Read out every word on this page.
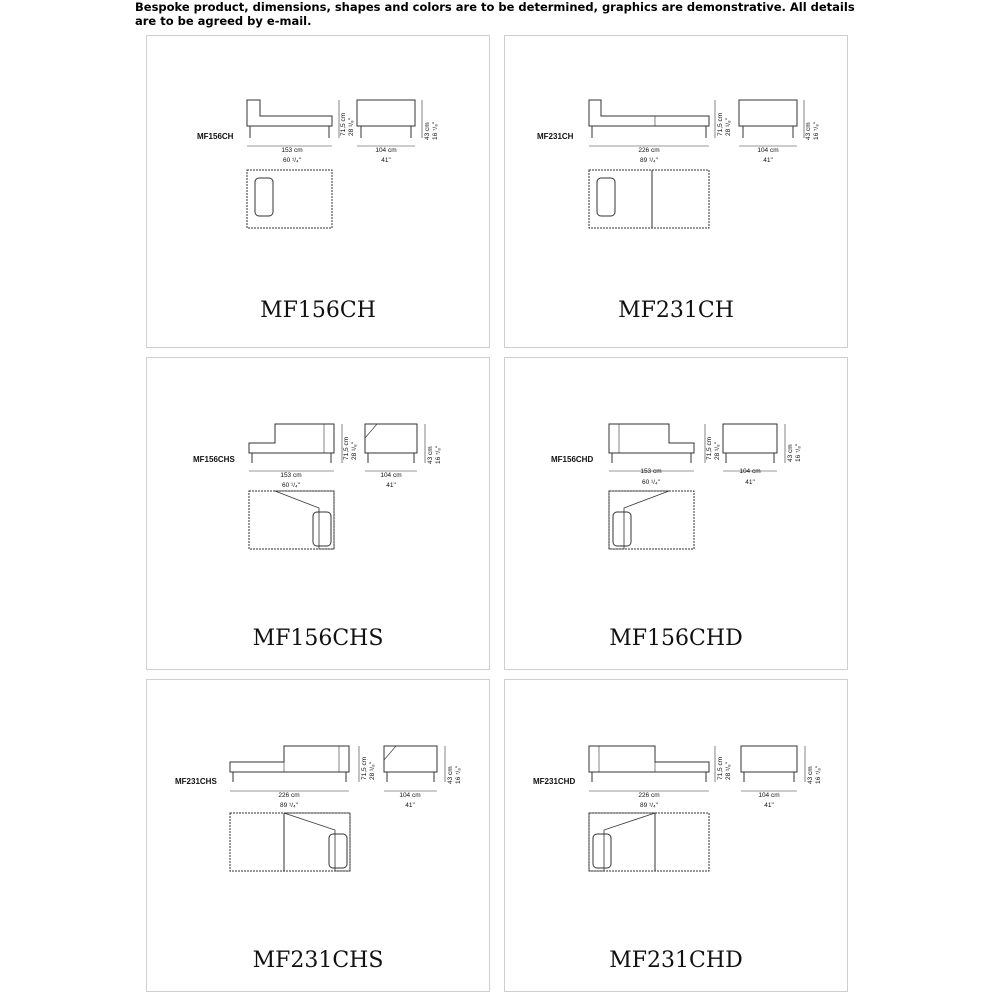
Bespoke product, dimensions, shapes and colors are to be determined, graphics are demonstrative. All details are to be agreed by e-mail.
MF156CH
153 cm
60 ¹/₄"
104 cm
41"
71,5 cm 28 ¹/₈"	43 cm 16 ⁷/₈"
MF156CH
MF231CH
226 cm
89 ¹/₄"
104 cm
41"
71,5 cm 28 ¹/₈"	43 cm 16 ⁷/₈"
MF231CH
MF156CHS
153 cm
60 ¹/₄"
104 cm
41"
71,5 cm 28 ¹/₈"	43 cm 16 ⁷/₈"
MF156CHS
MF156CHD
153 cm
60 ¹/₄"
104 cm
41"
71,5 cm 28 ¹/₈"	43 cm 16 ⁷/₈"
MF156CHD
MF231CHS
226 cm
89 ¹/₄"
104 cm
41"
71,5 cm 28 ¹/₈"	43 cm 16 ⁷/₈"
MF231CHS
MF231CHD
226 cm
89 ¹/₄"
104 cm
41"
71,5 cm 28 ¹/₈"	43 cm 16 ⁷/₈"
MF231CHD
